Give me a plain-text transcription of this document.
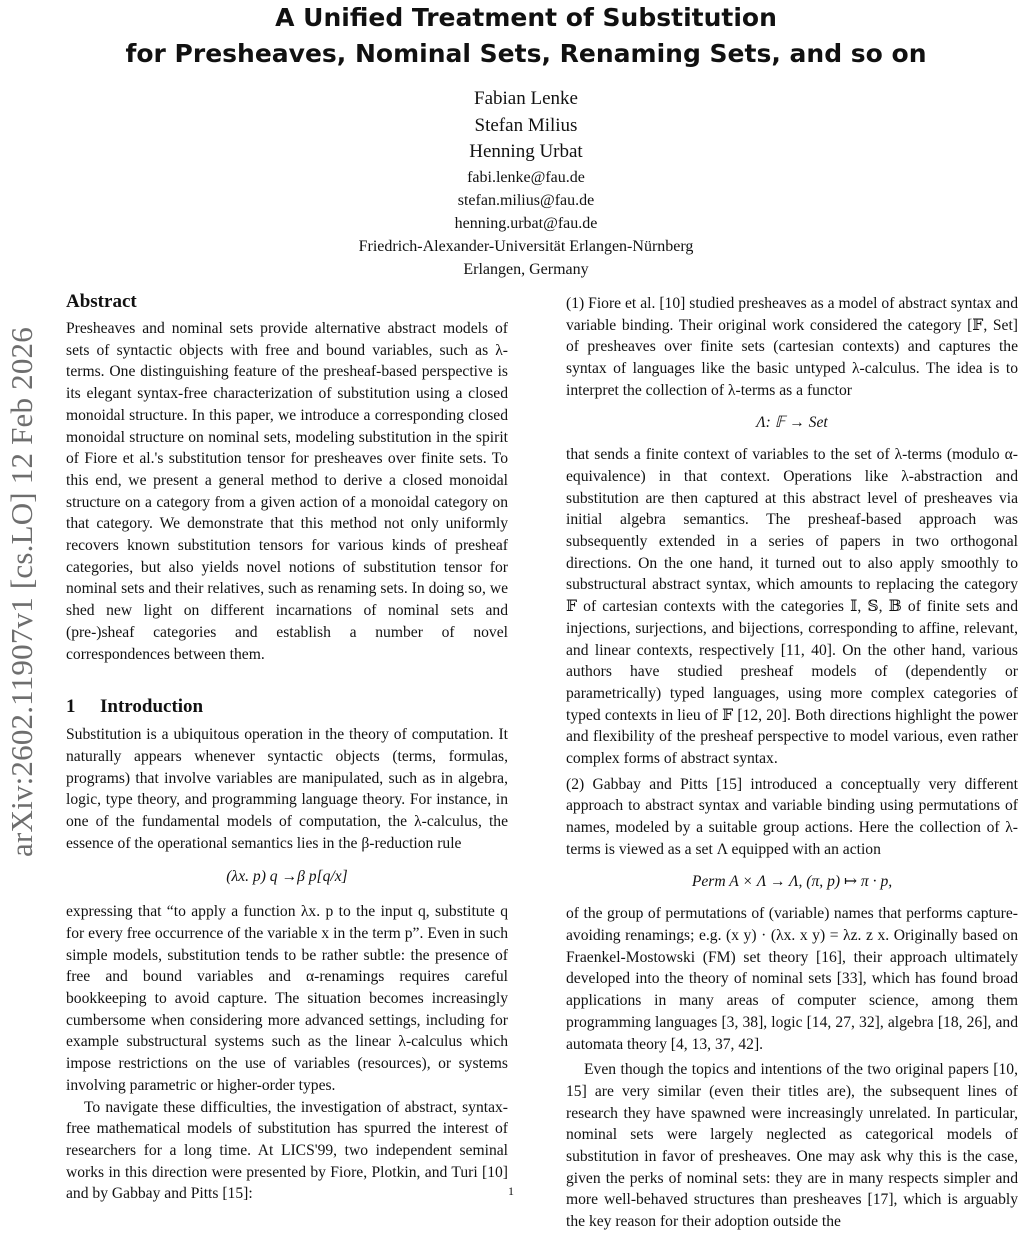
arXiv:2602.11907v1 [cs.LO] 12 Feb 2026
A Unified Treatment of Substitution
for Presheaves, Nominal Sets, Renaming Sets, and so on
Fabian Lenke
Stefan Milius
Henning Urbat
fabi.lenke@fau.de
stefan.milius@fau.de
henning.urbat@fau.de
Friedrich-Alexander-Universität Erlangen-Nürnberg
Erlangen, Germany
Abstract

Presheaves and nominal sets provide alternative abstract models of sets of syntactic objects with free and bound variables, such as λ-terms. One distinguishing feature of the presheaf-based perspective is its elegant syntax-free characterization of substitution using a closed monoidal structure. In this paper, we introduce a corresponding closed monoidal structure on nominal sets, modeling substitution in the spirit of Fiore et al.'s substitution tensor for presheaves over finite sets. To this end, we present a general method to derive a closed monoidal structure on a category from a given action of a monoidal category on that category. We demonstrate that this method not only uniformly recovers known substitution tensors for various kinds of presheaf categories, but also yields novel notions of substitution tensor for nominal sets and their relatives, such as renaming sets. In doing so, we shed new light on different incarnations of nominal sets and (pre-)sheaf categories and establish a number of novel correspondences between them.

1 Introduction

Substitution is a ubiquitous operation in the theory of computation. It naturally appears whenever syntactic objects (terms, formulas, programs) that involve variables are manipulated, such as in algebra, logic, type theory, and programming language theory. For instance, in one of the fundamental models of computation, the λ-calculus, the essence of the operational semantics lies in the β-reduction rule

(λx. p) q →β p[q/x]

expressing that “to apply a function λx. p to the input q, substitute q for every free occurrence of the variable x in the term p”. Even in such simple models, substitution tends to be rather subtle: the presence of free and bound variables and α-renamings requires careful bookkeeping to avoid capture. The situation becomes increasingly cumbersome when considering more advanced settings, including for example substructural systems such as the linear λ-calculus which impose restrictions on the use of variables (resources), or systems involving parametric or higher-order types.

To navigate these difficulties, the investigation of abstract, syntax-free mathematical models of substitution has spurred the interest of researchers for a long time. At LICS'99, two independent seminal works in this direction were presented by Fiore, Plotkin, and Turi [10] and by Gabbay and Pitts [15]:

(1) Fiore et al. [10] studied presheaves as a model of abstract syntax and variable binding. Their original work considered the category [𝔽, Set] of presheaves over finite sets (cartesian contexts) and captures the syntax of languages like the basic untyped λ-calculus. The idea is to interpret the collection of λ-terms as a functor

Λ: 𝔽 → Set

that sends a finite context of variables to the set of λ-terms (modulo α-equivalence) in that context. Operations like λ-abstraction and substitution are then captured at this abstract level of presheaves via initial algebra semantics. The presheaf-based approach was subsequently extended in a series of papers in two orthogonal directions. On the one hand, it turned out to also apply smoothly to substructural abstract syntax, which amounts to replacing the category 𝔽 of cartesian contexts with the categories 𝕀, 𝕊, 𝔹 of finite sets and injections, surjections, and bijections, corresponding to affine, relevant, and linear contexts, respectively [11, 40]. On the other hand, various authors have studied presheaf models of (dependently or parametrically) typed languages, using more complex categories of typed contexts in lieu of 𝔽 [12, 20]. Both directions highlight the power and flexibility of the presheaf perspective to model various, even rather complex forms of abstract syntax.

(2) Gabbay and Pitts [15] introduced a conceptually very different approach to abstract syntax and variable binding using permutations of names, modeled by a suitable group actions. Here the collection of λ-terms is viewed as a set Λ equipped with an action

Perm A × Λ → Λ, (π, p) ↦ π · p,

of the group of permutations of (variable) names that performs capture-avoiding renamings; e.g. (x y) · (λx. x y) = λz. z x. Originally based on Fraenkel-Mostowski (FM) set theory [16], their approach ultimately developed into the theory of nominal sets [33], which has found broad applications in many areas of computer science, among them programming languages [3, 38], logic [14, 27, 32], algebra [18, 26], and automata theory [4, 13, 37, 42].

Even though the topics and intentions of the two original papers [10, 15] are very similar (even their titles are), the subsequent lines of research they have spawned were increasingly unrelated. In particular, nominal sets were largely neglected as categorical models of substitution in favor of presheaves. One may ask why this is the case, given the perks of nominal sets: they are in many respects simpler and more well-behaved structures than presheaves [17], which is arguably the key reason for their adoption outside the

1
